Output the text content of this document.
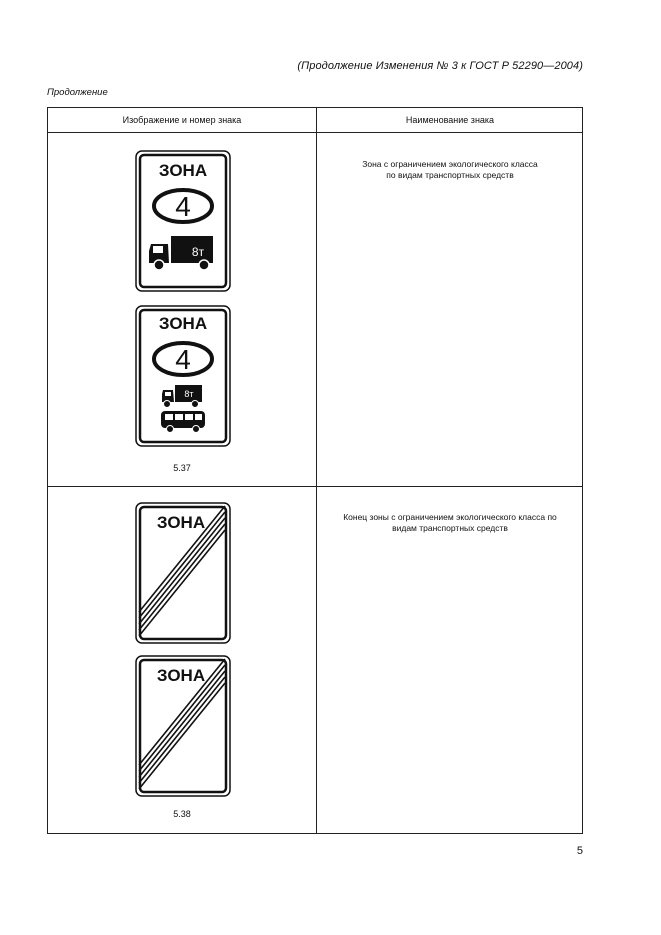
(Продолжение Изменения № 3 к ГОСТ Р 52290—2004)
Продолжение
Изображение и номер знака	Наименование знака
Зона с ограничением экологического класса
по видам транспортных средств
ЗОНА
4
8т
ЗОНА
4
8т
5.37
Конец зоны с ограничением экологического класса по
видам транспортных средств
ЗОНА
ЗОНА
5.38
5
